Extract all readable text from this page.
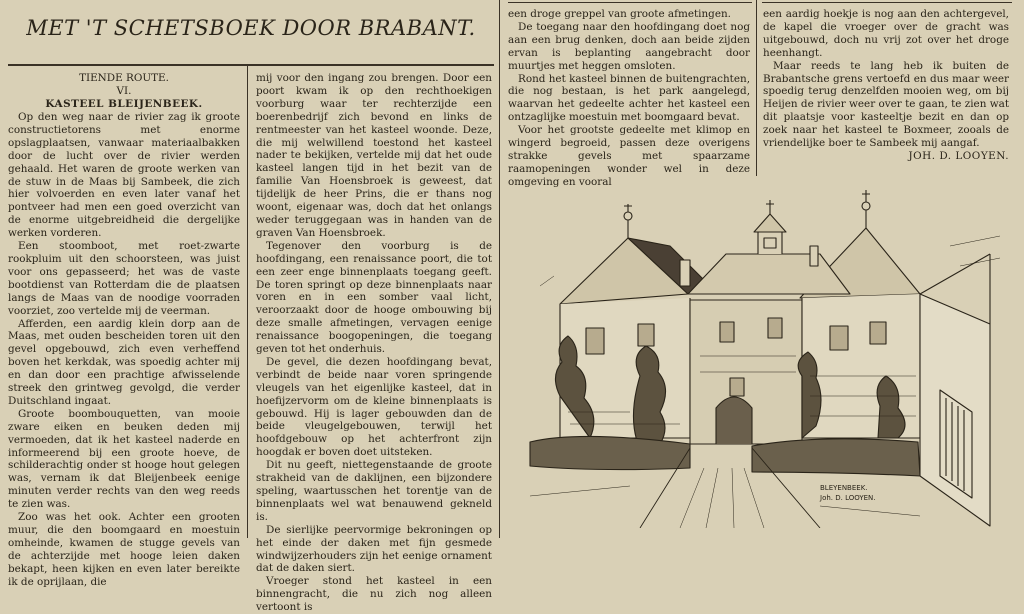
MET 'T SCHETSBOEK DOOR BRABANT.

TIENDE ROUTE.

VI.

KASTEEL BLEIJENBEEK.

Op den weg naar de rivier zag ik groote constructietorens met enorme opslagplaatsen, vanwaar materiaalbakken door de lucht over de rivier werden gehaald. Het waren de groote werken van de stuw in de Maas bij Sambeek, die zich hier volvoerden en even later vanaf het pontveer had men een goed overzicht van de enorme uitgebreidheid die dergelijke werken vorderen.

Een stoomboot, met roet-zwarte rookpluim uit den schoorsteen, was juist voor ons gepasseerd; het was de vaste bootdienst van Rotterdam die de plaatsen langs de Maas van de noodige voorraden voorziet, zoo vertelde mij de veerman.

Afferden, een aardig klein dorp aan de Maas, met ouden bescheiden toren uit den gevel opgebouwd, zich even verheffend boven het kerkdak, was spoedig achter mij en dan door een prachtige afwisselende streek den grintweg gevolgd, die verder Duitschland ingaat.

Groote boombouquetten, van mooie zware eiken en beuken deden mij vermoeden, dat ik het kasteel naderde en informeerend bij een groote hoeve, de schilderachtig onder st hooge hout gelegen was, vernam ik dat Bleijenbeek eenige minuten verder rechts van den weg reeds te zien was.

Zoo was het ook. Achter een grooten muur, die den boomgaard en moestuin omheinde, kwamen de stugge gevels van de achterzijde met hooge leien daken bekapt, heen kijken en even later bereikte ik de oprijlaan, die

mij voor den ingang zou brengen. Door een poort kwam ik op den rechthoekigen voorburg waar ter rechterzijde een boerenbedrijf zich bevond en links de rentmeester van het kasteel woonde. Deze, die mij welwillend toestond het kasteel nader te bekijken, vertelde mij dat het oude kasteel langen tijd in het bezit van de familie Van Hoensbroek is geweest, dat tijdelijk de heer Prins, die er thans nog woont, eigenaar was, doch dat het onlangs weder teruggegaan was in handen van de graven Van Hoensbroek.

Tegenover den voorburg is de hoofdingang, een renaissance poort, die tot een zeer enge binnenplaats toegang geeft. De toren springt op deze binnenplaats naar voren en in een somber vaal licht, veroorzaakt door de hooge ombouwing bij deze smalle afmetingen, vervagen eenige renaissance boogopeningen, die toegang geven tot het onderhuis.

De gevel, die dezen hoofdingang bevat, verbindt de beide naar voren springende vleugels van het eigenlijke kasteel, dat in hoefijzervorm om de kleine binnenplaats is gebouwd. Hij is lager gebouwden dan de beide vleugelgebouwen, terwijl het hoofdgebouw op het achterfront zijn hoogdak er boven doet uitsteken.

Dit nu geeft, niettegenstaande de groote strakheid van de daklijnen, een bijzondere speling, waartusschen het torentje van de binnenplaats wel wat benauwend gekneld is.

De sierlijke peervormige bekroningen op het einde der daken met fijn gesmede windwijzerhouders zijn het eenige ornament dat de daken siert.

Vroeger stond het kasteel in een binnengracht, die nu zich nog alleen vertoont is

een droge greppel van groote afmetingen.

De toegang naar den hoofdingang doet nog aan een brug denken, doch aan beide zijden ervan is beplanting aangebracht door muurtjes met heggen omsloten.

Rond het kasteel binnen de buitengrachten, die nog bestaan, is het park aangelegd, waarvan het gedeelte achter het kasteel een ontzaglijke moestuin met boomgaard bevat.

Voor het grootste gedeelte met klimop en wingerd begroeid, passen deze overigens strakke gevels met spaarzame raamopeningen wonder wel in deze omgeving en vooral

een aardig hoekje is nog aan den achtergevel, de kapel die vroeger over de gracht was uitgebouwd, doch nu vrij zot over het droge heenhangt.

Maar reeds te lang heb ik buiten de Brabantsche grens vertoefd en dus maar weer spoedig terug denzelfden mooien weg, om bij Heijen de rivier weer over te gaan, te zien wat dit plaatsje voor kasteeltje bezit en dan op zoek naar het kasteel te Boxmeer, zooals de vriendelijke boer te Sambeek mij aangaf.

JOH. D. LOOYEN.

BLEYENBEEK.
Joh. D. LOOYEN.
